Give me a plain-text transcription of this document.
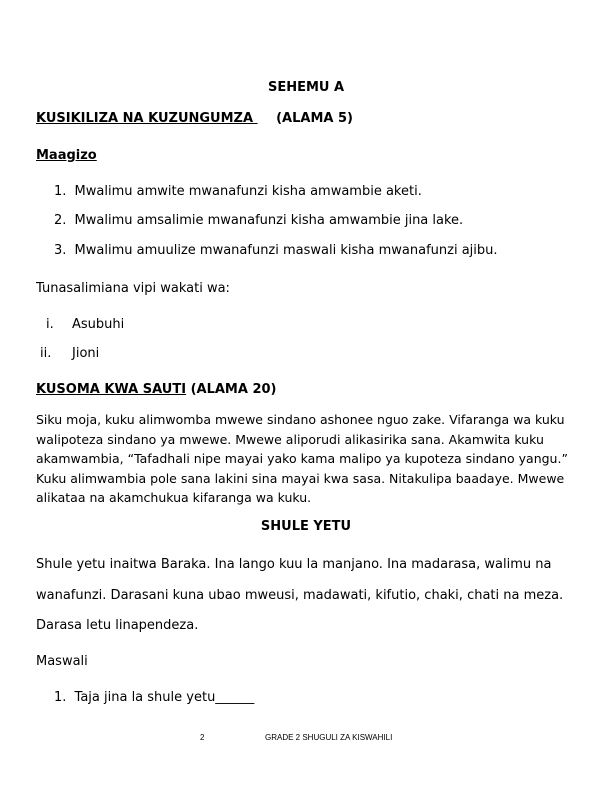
SEHEMU A
KUSIKILIZA NA KUZUNGUMZA (ALAMA 5)
Maagizo
1. Mwalimu amwite mwanafunzi kisha amwambie aketi.
2. Mwalimu amsalimie mwanafunzi kisha amwambie jina lake.
3. Mwalimu amuulize mwanafunzi maswali kisha mwanafunzi ajibu.
Tunasalimiana vipi wakati wa:
i. Asubuhi
ii. Jioni
KUSOMA KWA SAUTI (ALAMA 20)
Siku moja, kuku alimwomba mwewe sindano ashonee nguo zake. Vifaranga wa kuku walipoteza sindano ya mwewe. Mwewe aliporudi alikasirika sana. Akamwita kuku akamwambia, “Tafadhali nipe mayai yako kama malipo ya kupoteza sindano yangu.” Kuku alimwambia pole sana lakini sina mayai kwa sasa. Nitakulipa baadaye. Mwewe alikataa na akamchukua kifaranga wa kuku.
SHULE YETU
Shule yetu inaitwa Baraka. Ina lango kuu la manjano. Ina madarasa, walimu na
wanafunzi. Darasani kuna ubao mweusi, madawati, kifutio, chaki, chati na meza.
Darasa letu linapendeza.
Maswali
1. Taja jina la shule yetu______
2	GRADE 2 SHUGULI ZA KISWAHILI
